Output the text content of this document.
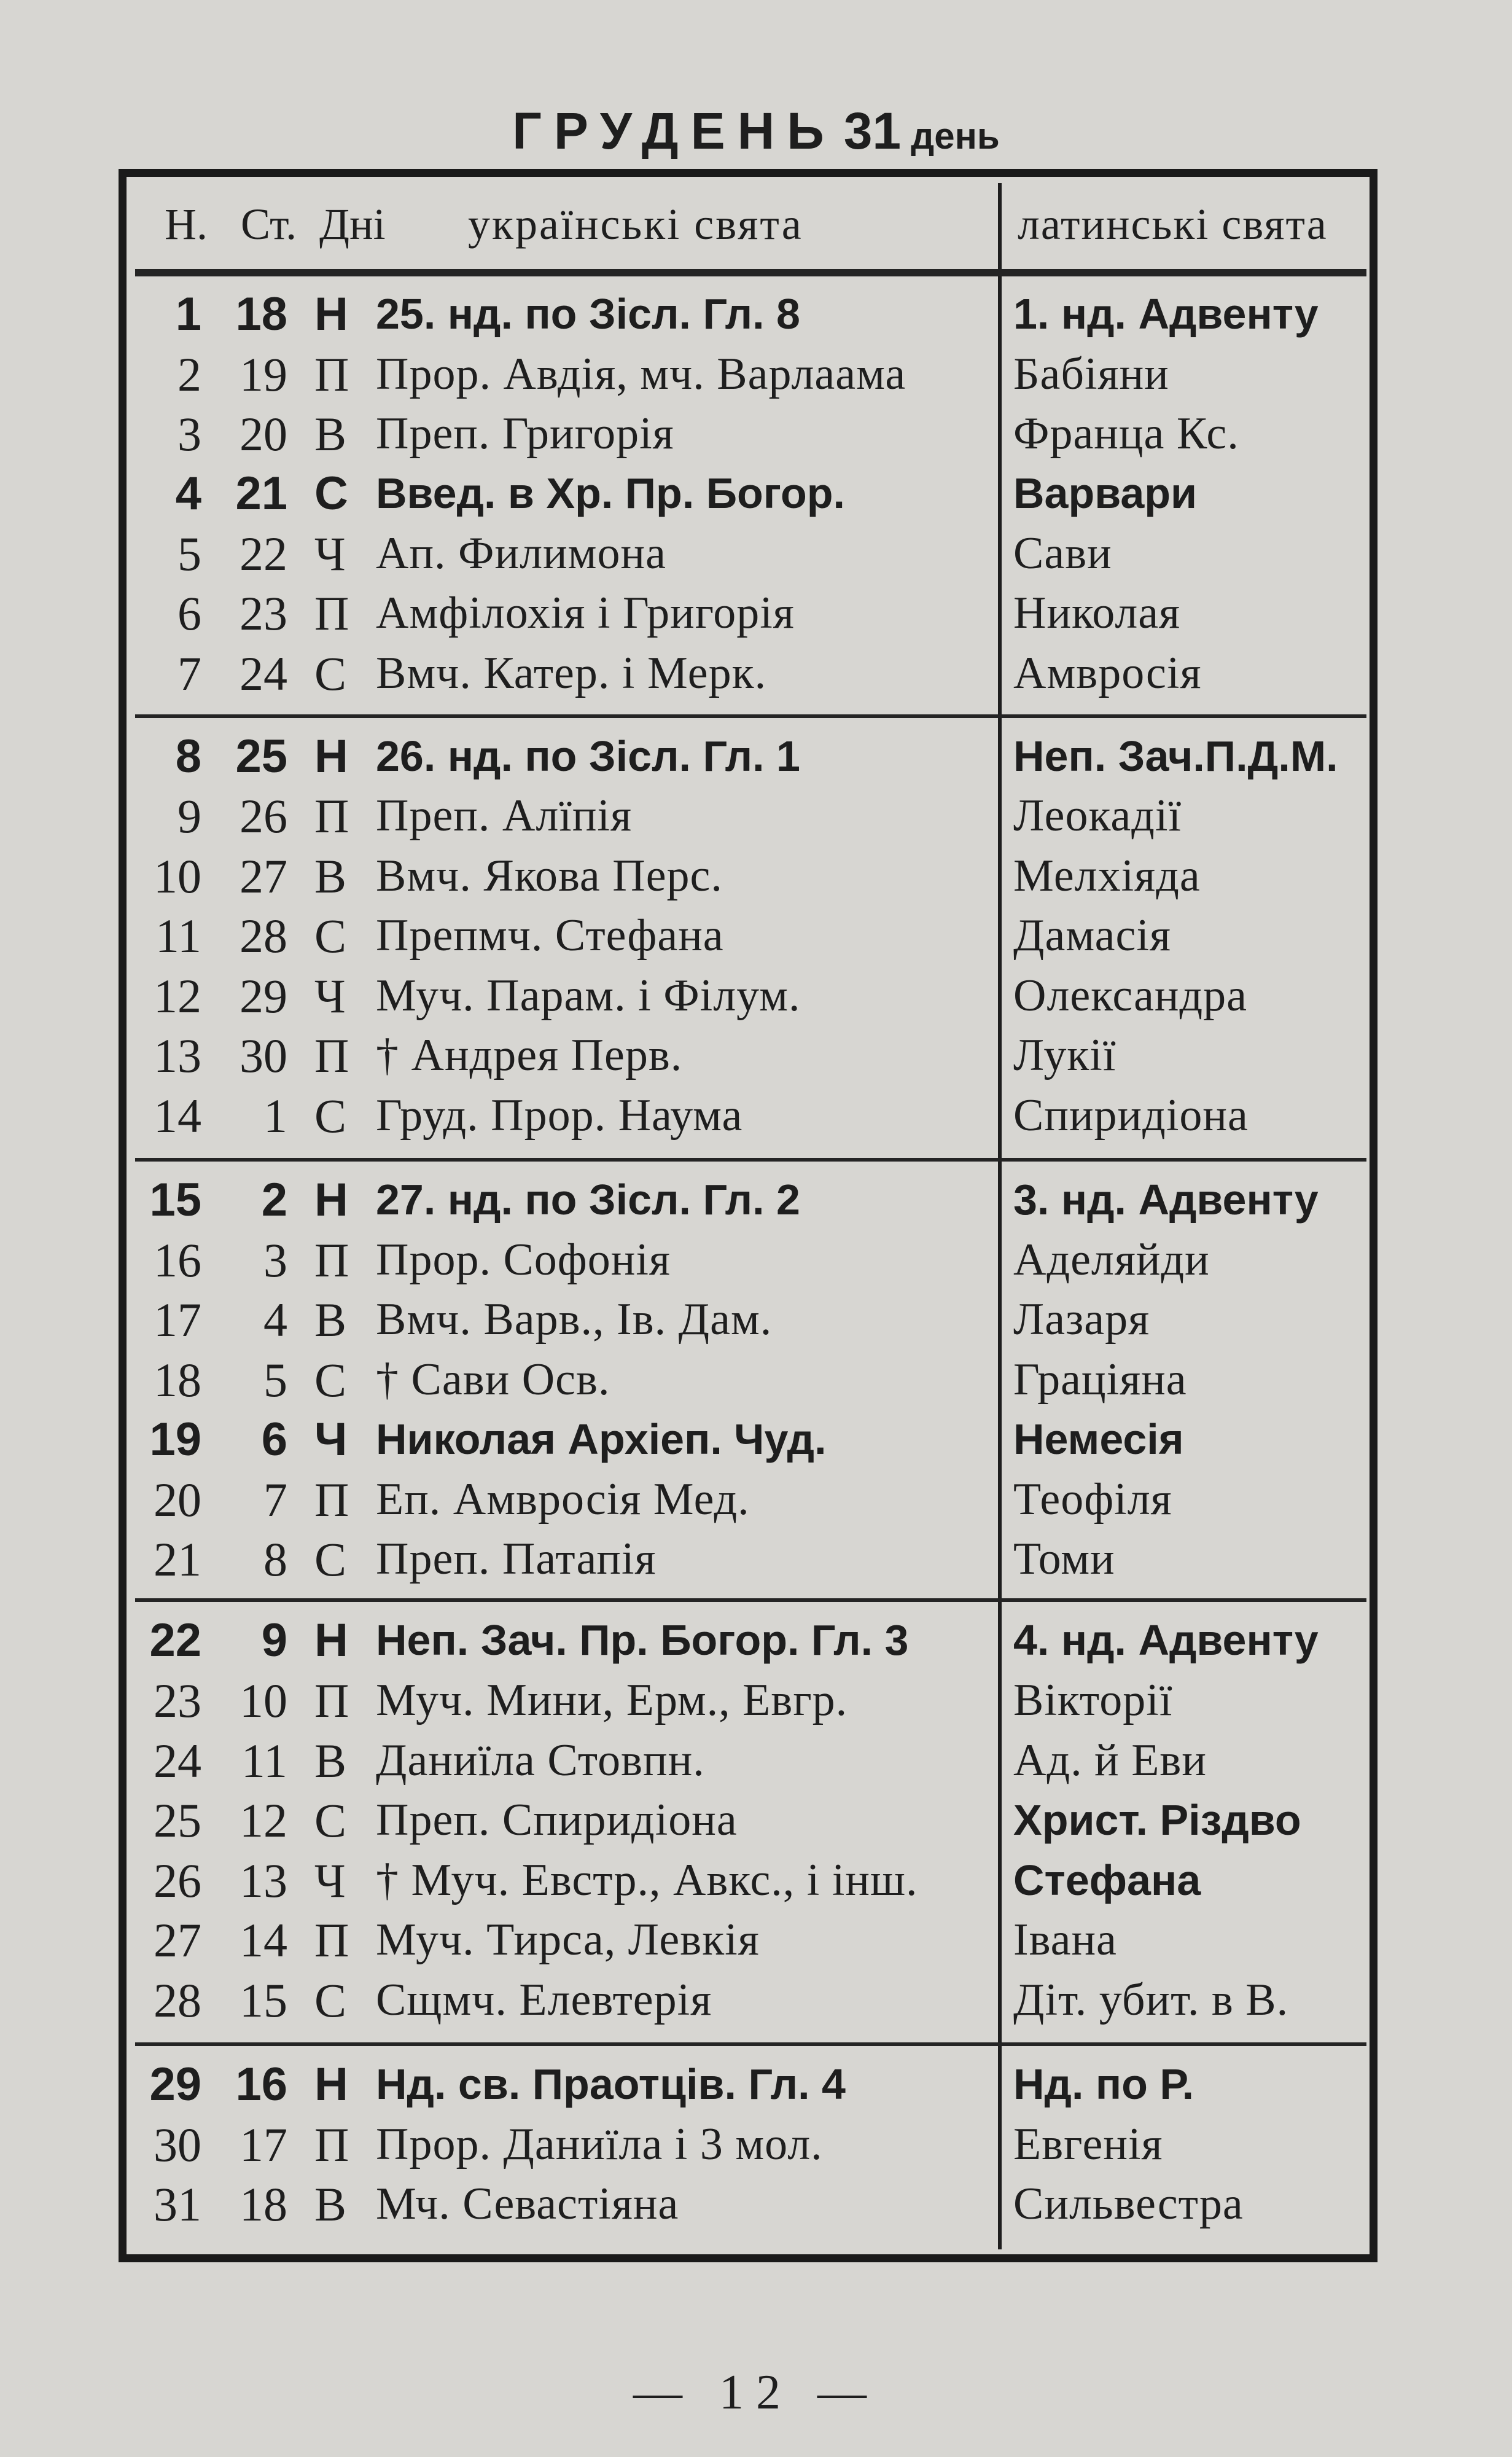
ГРУДЕНЬ 31 день
Н. Ст. Дні українські свята	латинські свята
1 18 Н 25. нд. по Зісл. Гл. 8	1. нд. Адвенту
2 19 П Прор. Авдія, мч. Варлаама	Бабіяни
3 20 В Преп. Григорія	Францa Кс.
4 21 С Введ. в Хр. Пр. Богор.	Варвари
5 22 Ч Ап. Филимона	Сави
6 23 П Амфілохія і Григорія	Николая
7 24 С Вмч. Катер. і Мерк.	Амвросія
8 25 Н 26. нд. по Зісл. Гл. 1	Неп. Зач.П.Д.М.
9 26 П Преп. Алїпія	Леокадії
10 27 В Вмч. Якова Перс.	Мелхіяда
11 28 С Препмч. Стефана	Дамасія
12 29 Ч Муч. Парам. і Філум.	Олександра
13 30 П † Андрея Перв.	Лукії
14	1 С Груд. Прор. Наума	Спиридіона
15	2 Н 27. нд. по Зісл. Гл. 2	3. нд. Адвенту
16	3 П Прор. Софонія	Аделяйди
17	4 В Вмч. Варв., Ів. Дам.	Лазаря
18	5 С † Сави Осв.	Граціяна
19	6 Ч Николая Архіеп. Чуд.	Немесія
20	7 П Еп. Амвросія Мед.	Теофіля
21	8 С Преп. Патапія	Томи
22	9 Н Неп. Зач. Пр. Богор. Гл. 3	4. нд. Адвенту
23 10 П Муч. Мини, Ерм., Евгр.	Вікторії
24 11 В Даниїла Стовпн.	Ад. й Еви
25 12 С Преп. Спиридіона	Христ. Різдво
26 13 Ч † Муч. Евстр., Авкс., і інш.	Стефана
27 14 П Муч. Тирса, Левкія	Івана
28 15 С Сщмч. Елевтерія	Діт. убит. в В.
29 16 Н Нд. св. Праотців. Гл. 4	Нд. по Р.
30 17 П Прор. Даниїла і 3 мол.	Евгенія
31 18 В Мч. Севастіяна	Сильвестра
— 12 —
